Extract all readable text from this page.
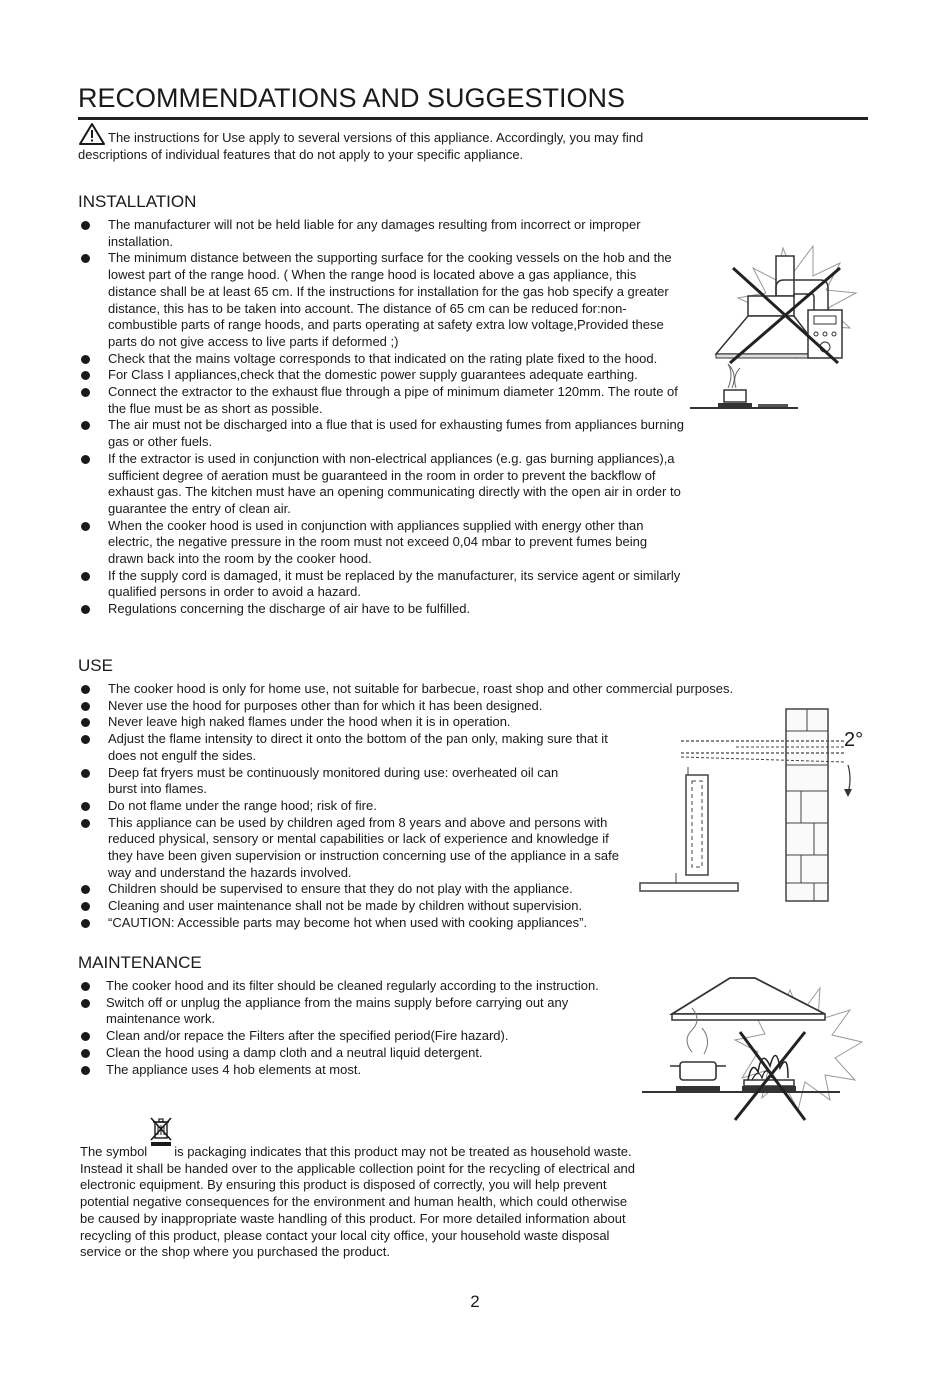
RECOMMENDATIONS AND SUGGESTIONS

The instructions for Use apply to several versions of this appliance. Accordingly, you may find descriptions of individual features that do not apply to your specific appliance.

INSTALLATION
The manufacturer will not be held liable for any damages resulting from incorrect or improper installation.
The minimum distance between the supporting surface for the cooking vessels on the hob and the lowest part of the range hood. ( When the range hood is located above a gas appliance, this distance shall be at least 65 cm. If the instructions for installation for the gas hob specify a greater distance, this has to be taken into account. The distance of 65 cm can be reduced for:non-combustible parts of range hoods, and parts operating at safety extra low voltage,Provided these parts do not give access to live parts if deformed ;)
Check that the mains voltage corresponds to that indicated on the rating plate fixed to the hood.
For Class I appliances,check that the domestic power supply guarantees adequate earthing.
Connect the extractor to the exhaust flue through a pipe of minimum diameter 120mm. The route of the flue must be as short as possible.
The air must not be discharged into a flue that is used for exhausting fumes from appliances burning gas or other fuels.
If the extractor is used in conjunction with non-electrical appliances (e.g. gas burning appliances),a sufficient degree of aeration must be guaranteed in the room in order to prevent the backflow of exhaust gas. The kitchen must have an opening communicating directly with the open air in order to guarantee the entry of clean air.
When the cooker hood is used in conjunction with appliances supplied with energy other than electric, the negative pressure in the room must not exceed 0,04 mbar to prevent fumes being drawn back into the room by the cooker hood.
If the supply cord is damaged, it must be replaced by the manufacturer, its service agent or similarly qualified persons in order to avoid a hazard.
Regulations concerning the discharge of air have to be fulfilled.
USE
The cooker hood is only for home use, not suitable for barbecue, roast shop and other commercial purposes.
Never use the hood for purposes other than for which it has been designed.
Never leave high naked flames under the hood when it is in operation.
Adjust the flame intensity to direct it onto the bottom of the pan only, making sure that it does not engulf the sides.
Deep fat fryers must be continuously monitored during use: overheated oil can burst into flames.
Do not flame under the range hood; risk of fire.
This appliance can be used by children aged from 8 years and above and persons with reduced physical, sensory or mental capabilities or lack of experience and knowledge if they have been given supervision or instruction concerning use of the appliance in a safe way and understand the hazards involved.
Children should be supervised to ensure that they do not play with the appliance.
Cleaning and user maintenance shall not be made by children without supervision.
“CAUTION: Accessible parts may become hot when used with cooking appliances”.
2°
MAINTENANCE
The cooker hood and its filter should be cleaned regularly according to the instruction.
Switch off or unplug the appliance from the mains supply before carrying out any maintenance work.
Clean and/or repace the Filters after the specified period(Fire hazard).
Clean the hood using a damp cloth and a neutral liquid detergent.
The appliance uses 4 hob elements at most.

The symbol is packaging indicates that this product may not be treated as household waste. Instead it shall be handed over to the applicable collection point for the recycling of electrical and electronic equipment. By ensuring this product is disposed of correctly, you will help prevent potential negative consequences for the environment and human health, which could otherwise be caused by inappropriate waste handling of this product. For more detailed information about recycling of this product, please contact your local city office, your household waste disposal service or the shop where you purchased the product.

2
